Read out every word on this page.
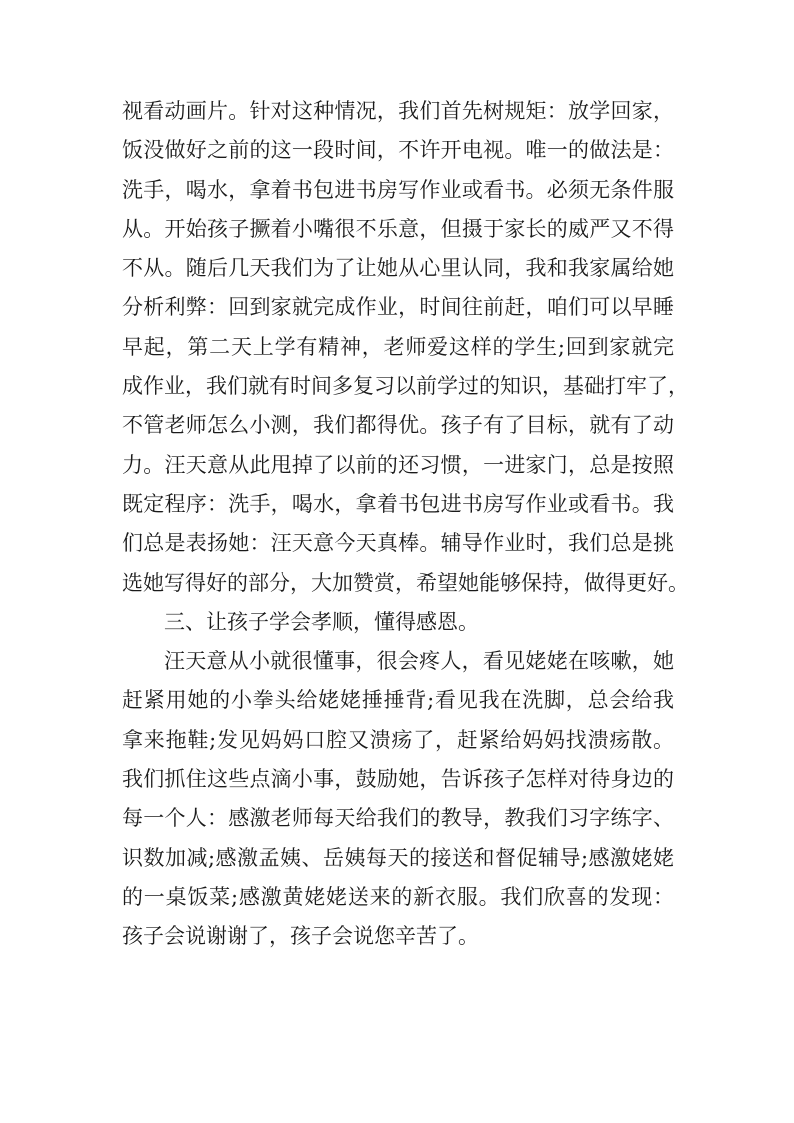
视看动画片。针对这种情况，我们首先树规矩：放学回家，
饭没做好之前的这一段时间，不许开电视。唯一的做法是：
洗手，喝水，拿着书包进书房写作业或看书。必须无条件服
从。开始孩子撅着小嘴很不乐意，但摄于家长的威严又不得
不从。随后几天我们为了让她从心里认同，我和我家属给她
分析利弊：回到家就完成作业，时间往前赶，咱们可以早睡
早起，第二天上学有精神，老师爱这样的学生;回到家就完
成作业，我们就有时间多复习以前学过的知识，基础打牢了，
不管老师怎么小测，我们都得优。孩子有了目标，就有了动
力。汪天意从此甩掉了以前的还习惯，一进家门，总是按照
既定程序：洗手，喝水，拿着书包进书房写作业或看书。我
们总是表扬她：汪天意今天真棒。辅导作业时，我们总是挑
选她写得好的部分，大加赞赏，希望她能够保持，做得更好。
三、让孩子学会孝顺，懂得感恩。
汪天意从小就很懂事，很会疼人，看见姥姥在咳嗽，她
赶紧用她的小拳头给姥姥捶捶背;看见我在洗脚，总会给我
拿来拖鞋;发见妈妈口腔又溃疡了，赶紧给妈妈找溃疡散。
我们抓住这些点滴小事，鼓励她，告诉孩子怎样对待身边的
每一个人：感激老师每天给我们的教导，教我们习字练字、
识数加减;感激孟姨、岳姨每天的接送和督促辅导;感激姥姥
的一桌饭菜;感激黄姥姥送来的新衣服。我们欣喜的发现：
孩子会说谢谢了，孩子会说您辛苦了。
